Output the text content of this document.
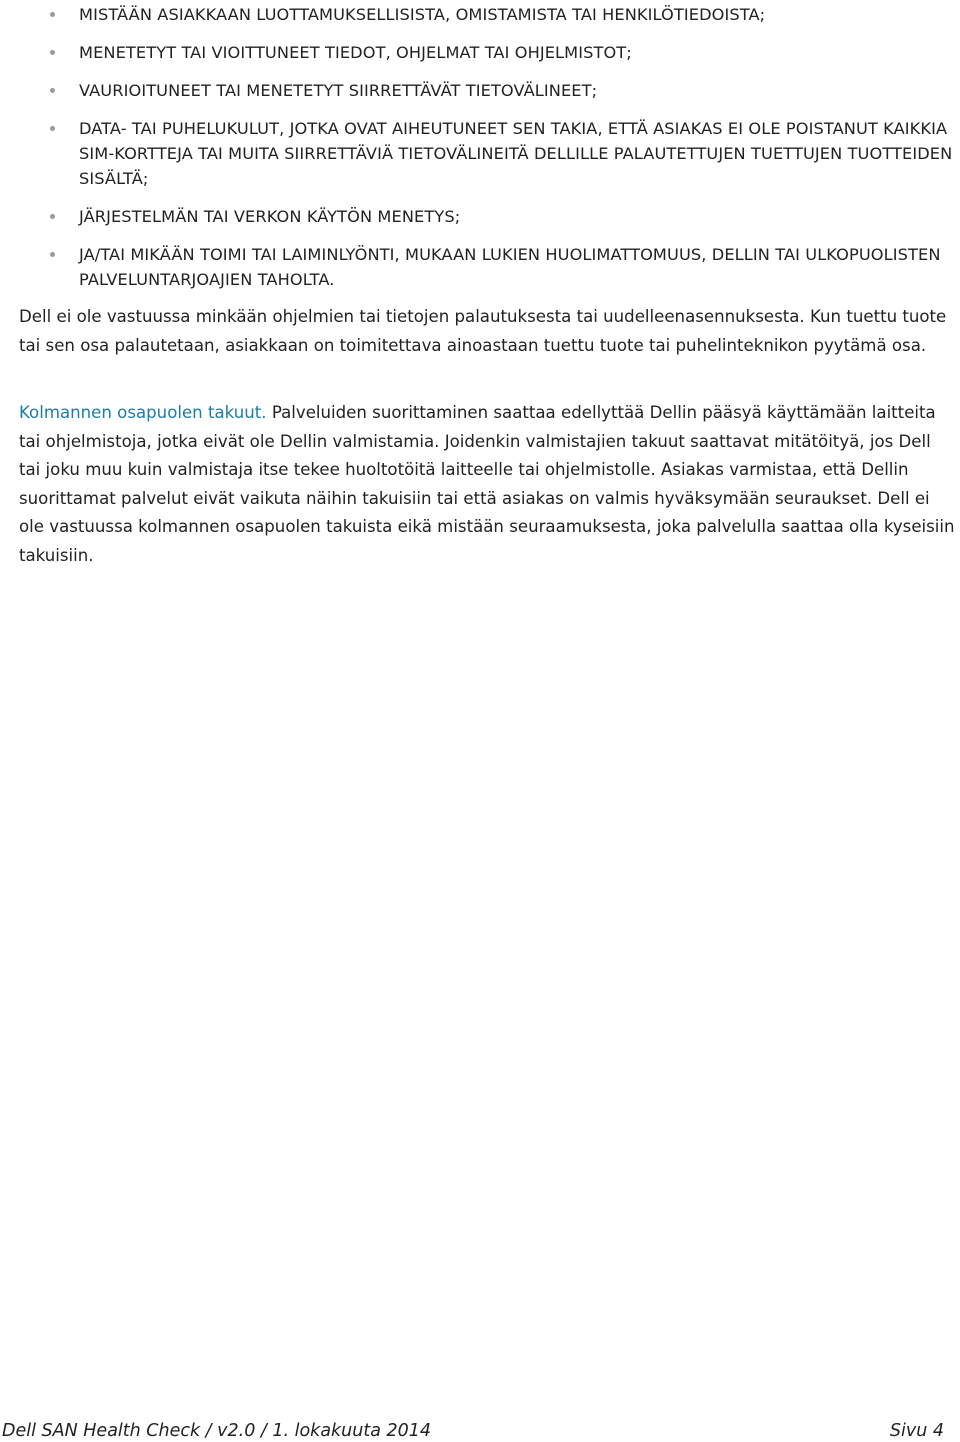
MISTÄÄN ASIAKKAAN LUOTTAMUKSELLISISTA, OMISTAMISTA TAI HENKILÖTIEDOISTA;
MENETETYT TAI VIOITTUNEET TIEDOT, OHJELMAT TAI OHJELMISTOT;
VAURIOITUNEET TAI MENETETYT SIIRRETTÄVÄT TIETOVÄLINEET;
DATA- TAI PUHELUKULUT, JOTKA OVAT AIHEUTUNEET SEN TAKIA, ETTÄ ASIAKAS EI OLE POISTANUT KAIKKIA SIM-KORTTEJA TAI MUITA SIIRRETTÄVIÄ TIETOVÄLINEITÄ DELLILLE PALAUTETTUJEN TUETTUJEN TUOTTEIDEN SISÄLTÄ;
JÄRJESTELMÄN TAI VERKON KÄYTÖN MENETYS;
JA/TAI MIKÄÄN TOIMI TAI LAIMINLYÖNTI, MUKAAN LUKIEN HUOLIMATTOMUUS, DELLIN TAI ULKOPUOLISTEN PALVELUNTARJOAJIEN TAHOLTA.

Dell ei ole vastuussa minkään ohjelmien tai tietojen palautuksesta tai uudelleenasennuksesta. Kun tuettu tuote tai sen osa palautetaan, asiakkaan on toimitettava ainoastaan tuettu tuote tai puhelinteknikon pyytämä osa.

Kolmannen osapuolen takuut. Palveluiden suorittaminen saattaa edellyttää Dellin pääsyä käyttämään laitteita tai ohjelmistoja, jotka eivät ole Dellin valmistamia. Joidenkin valmistajien takuut saattavat mitätöityä, jos Dell tai joku muu kuin valmistaja itse tekee huoltotöitä laitteelle tai ohjelmistolle. Asiakas varmistaa, että Dellin suorittamat palvelut eivät vaikuta näihin takuisiin tai että asiakas on valmis hyväksymään seuraukset. Dell ei ole vastuussa kolmannen osapuolen takuista eikä mistään seuraamuksesta, joka palvelulla saattaa olla kyseisiin takuisiin.

Dell SAN Health Check / v2.0 / 1. lokakuuta 2014	Sivu 4
